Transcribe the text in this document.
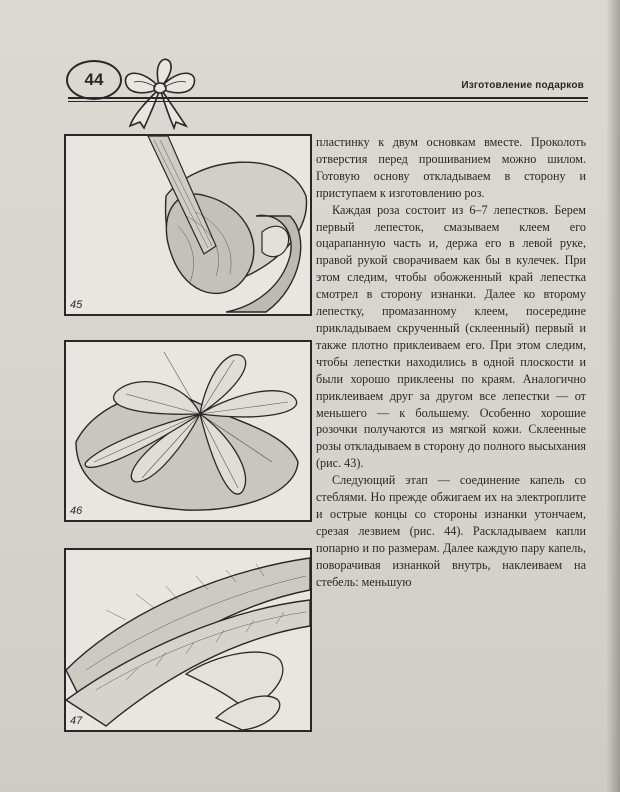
44	Изготовление подарков
45
46
47

пластинку к двум основкам вместе. Проколоть отверстия перед прошиванием можно шилом. Готовую основу откладываем в сторону и приступаем к изготовлению роз.

Каждая роза состоит из 6–7 лепестков. Берем первый лепесток, смазываем клеем его оцарапанную часть и, держа его в левой руке, правой рукой сворачиваем как бы в кулечек. При этом следим, чтобы обожженный край лепестка смотрел в сторону изнанки. Далее ко второму лепестку, промазанному клеем, посередине прикладываем скрученный (склеенный) первый и также плотно приклеиваем его. При этом следим, чтобы лепестки находились в одной плоскости и были хорошо приклеены по краям. Аналогично приклеиваем друг за другом все лепестки — от меньшего — к большему. Особенно хорошие розочки получаются из мягкой кожи. Склеенные розы откладываем в сторону до полного высыхания (рис. 43).

Следующий этап — соединение капель со стеблями. Но прежде обжигаем их на электроплите и острые концы со стороны изнанки утончаем, срезая лезвием (рис. 44). Раскладываем капли попарно и по размерам. Далее каждую пару капель, поворачивая изнанкой внутрь, наклеиваем на стебель: меньшую
